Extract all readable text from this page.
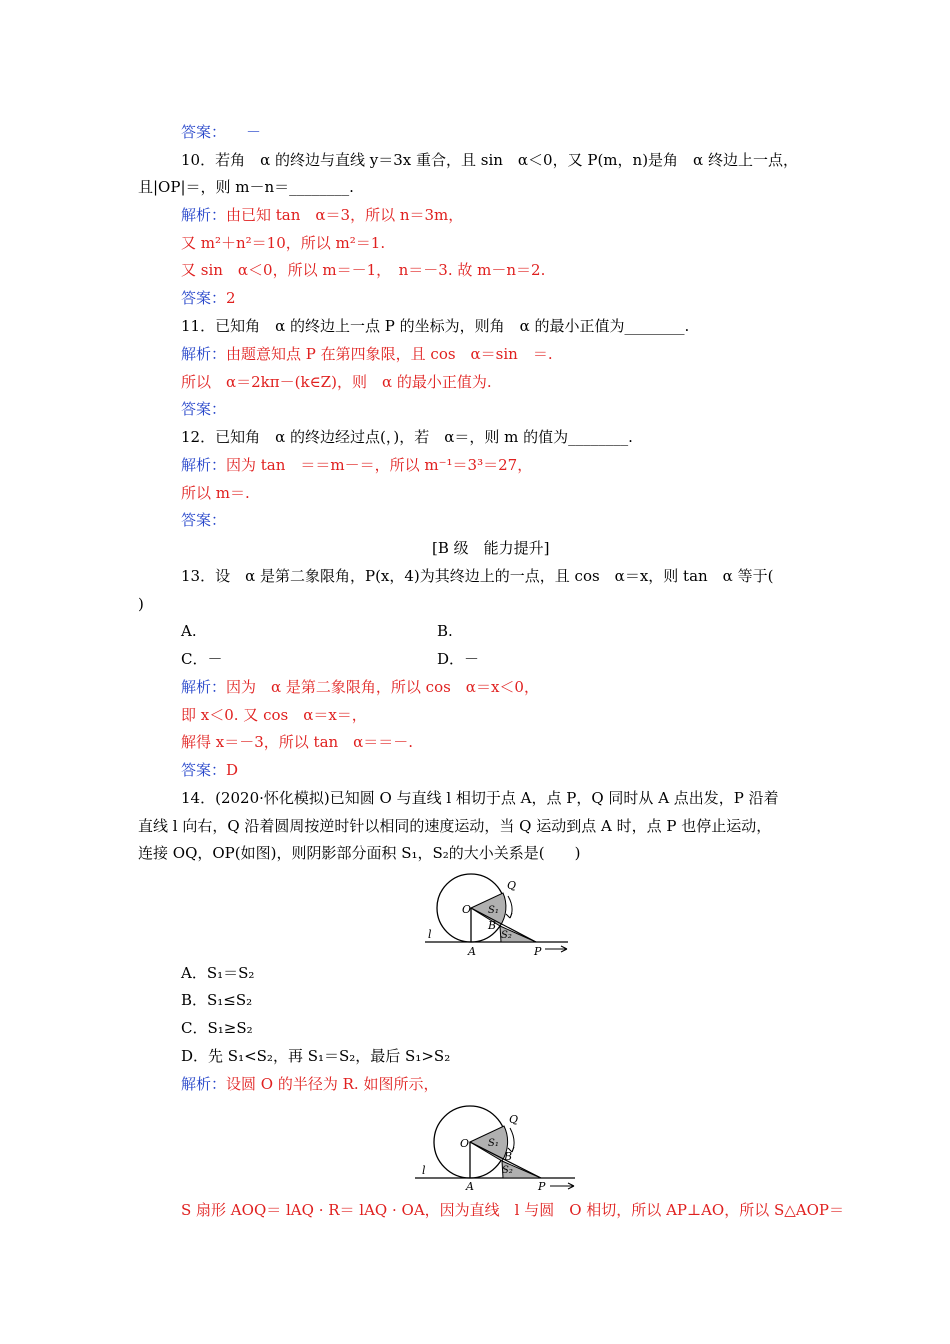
答案： －
10．若角　α 的终边与直线 y＝3x 重合，且 sin　α＜0，又 P(m，n)是角　α 终边上一点，
且|OP|＝，则 m－n＝________.
解析：由已知 tan　α＝3，所以 n＝3m，
又 m²＋n²＝10，所以 m²＝1.
又 sin　α＜0，所以 m＝－1，　n＝－3. 故 m－n＝2.
答案：2
11．已知角　α 的终边上一点 P 的坐标为，则角　α 的最小正值为________.
解析：由题意知点 P 在第四象限，且 cos　α＝sin　＝.
所以　α＝2kπ－(k∈Z)，则　α 的最小正值为.
答案：
12．已知角　α 的终边经过点(，)，若　α＝，则 m 的值为________.
解析：因为 tan　＝＝m－＝，所以 m⁻¹＝3³＝27，
所以 m＝.
答案：
[B 级　能力提升]
13．设　α 是第二象限角，P(x，4)为其终边上的一点，且 cos　α＝x，则 tan　α 等于(
)
A.	B.
C．－	D．－
解析：因为　α 是第二象限角，所以 cos　α＝x＜0，
即 x＜0. 又 cos　α＝x＝，
解得 x＝－3，所以 tan　α＝＝－.
答案：D
14．(2020·怀化模拟)已知圆 O 与直线 l 相切于点 A，点 P，Q 同时从 A 点出发，P 沿着
直线 l 向右，Q 沿着圆周按逆时针以相同的速度运动，当 Q 运动到点 A 时，点 P 也停止运动，
连接 OQ，OP(如图)，则阴影部分面积 S₁，S₂的大小关系是(　　)
O
Q
S₁
B
S₂
l
A	P
A．S₁＝S₂
B．S₁≤S₂
C．S₁≥S₂
D．先 S₁<S₂，再 S₁＝S₂，最后 S₁>S₂
解析：设圆 O 的半径为 R. 如图所示，
O
Q
S₁
B
S₂
l
A	P
S 扇形 AOQ＝ lAQ · R＝ lAQ · OA，因为直线　l 与圆　O 相切，所以 AP⊥AO，所以 S△AOP＝
